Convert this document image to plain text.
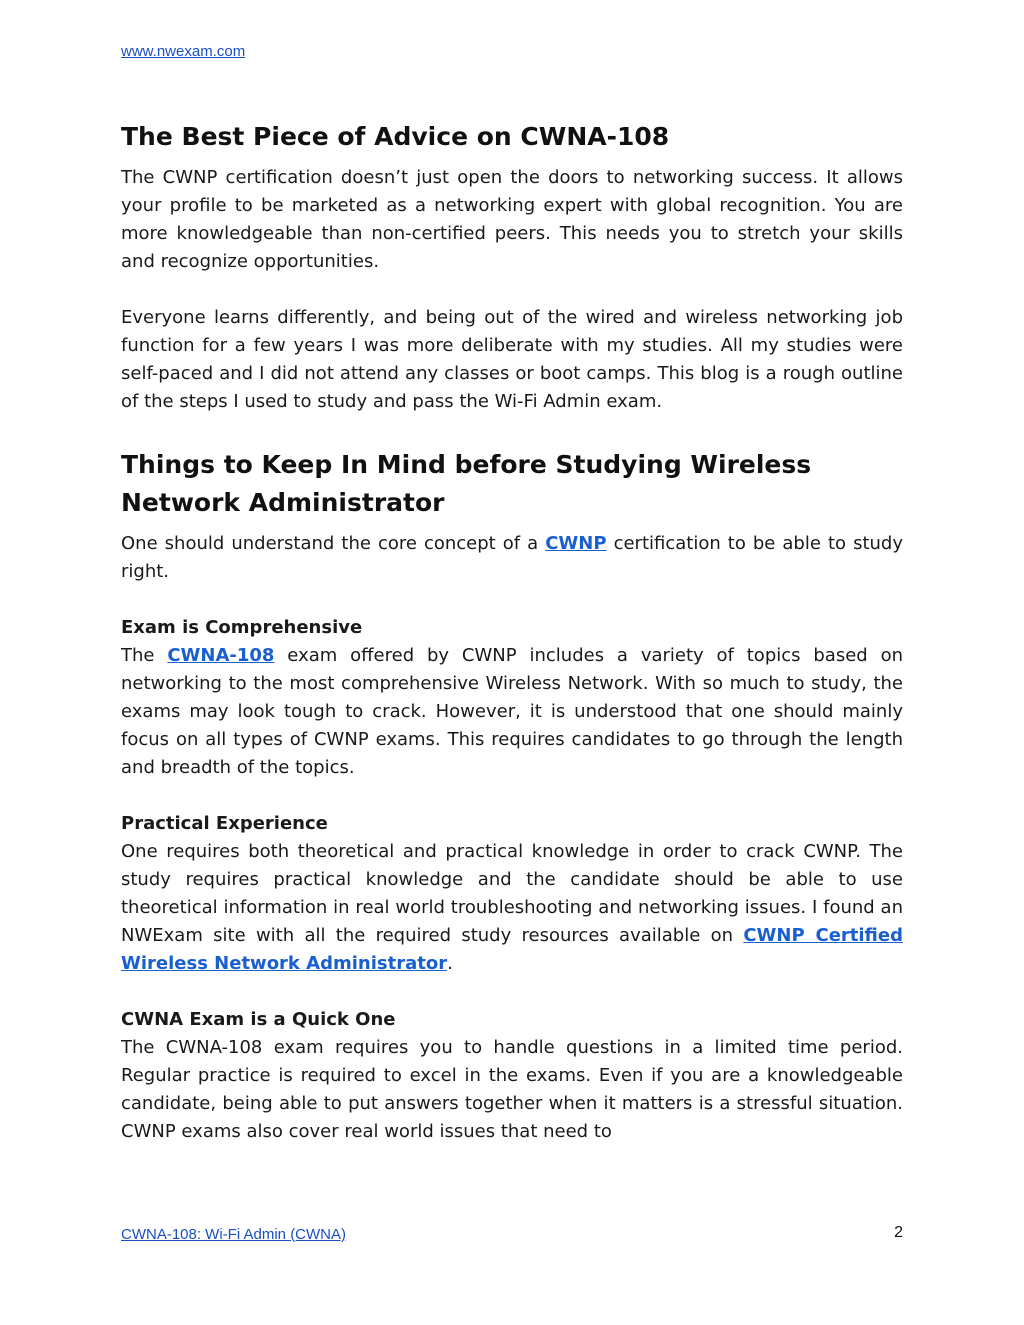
www.nwexam.com
The Best Piece of Advice on CWNA-108

The CWNP certification doesn’t just open the doors to networking success. It allows your profile to be marketed as a networking expert with global recognition. You are more knowledgeable than non-certified peers. This needs you to stretch your skills and recognize opportunities.

Everyone learns differently, and being out of the wired and wireless networking job function for a few years I was more deliberate with my studies. All my studies were self-paced and I did not attend any classes or boot camps. This blog is a rough outline of the steps I used to study and pass the Wi-Fi Admin exam.

Things to Keep In Mind before Studying Wireless Network Administrator

One should understand the core concept of a CWNP certification to be able to study right.

Exam is Comprehensive

The CWNA-108 exam offered by CWNP includes a variety of topics based on networking to the most comprehensive Wireless Network. With so much to study, the exams may look tough to crack. However, it is understood that one should mainly focus on all types of CWNP exams. This requires candidates to go through the length and breadth of the topics.

Practical Experience

One requires both theoretical and practical knowledge in order to crack CWNP. The study requires practical knowledge and the candidate should be able to use theoretical information in real world troubleshooting and networking issues. I found an NWExam site with all the required study resources available on CWNP Certified Wireless Network Administrator.

CWNA Exam is a Quick One

The CWNA-108 exam requires you to handle questions in a limited time period. Regular practice is required to excel in the exams. Even if you are a knowledgeable candidate, being able to put answers together when it matters is a stressful situation. CWNP exams also cover real world issues that need to

CWNA-108: Wi-Fi Admin (CWNA)	2
